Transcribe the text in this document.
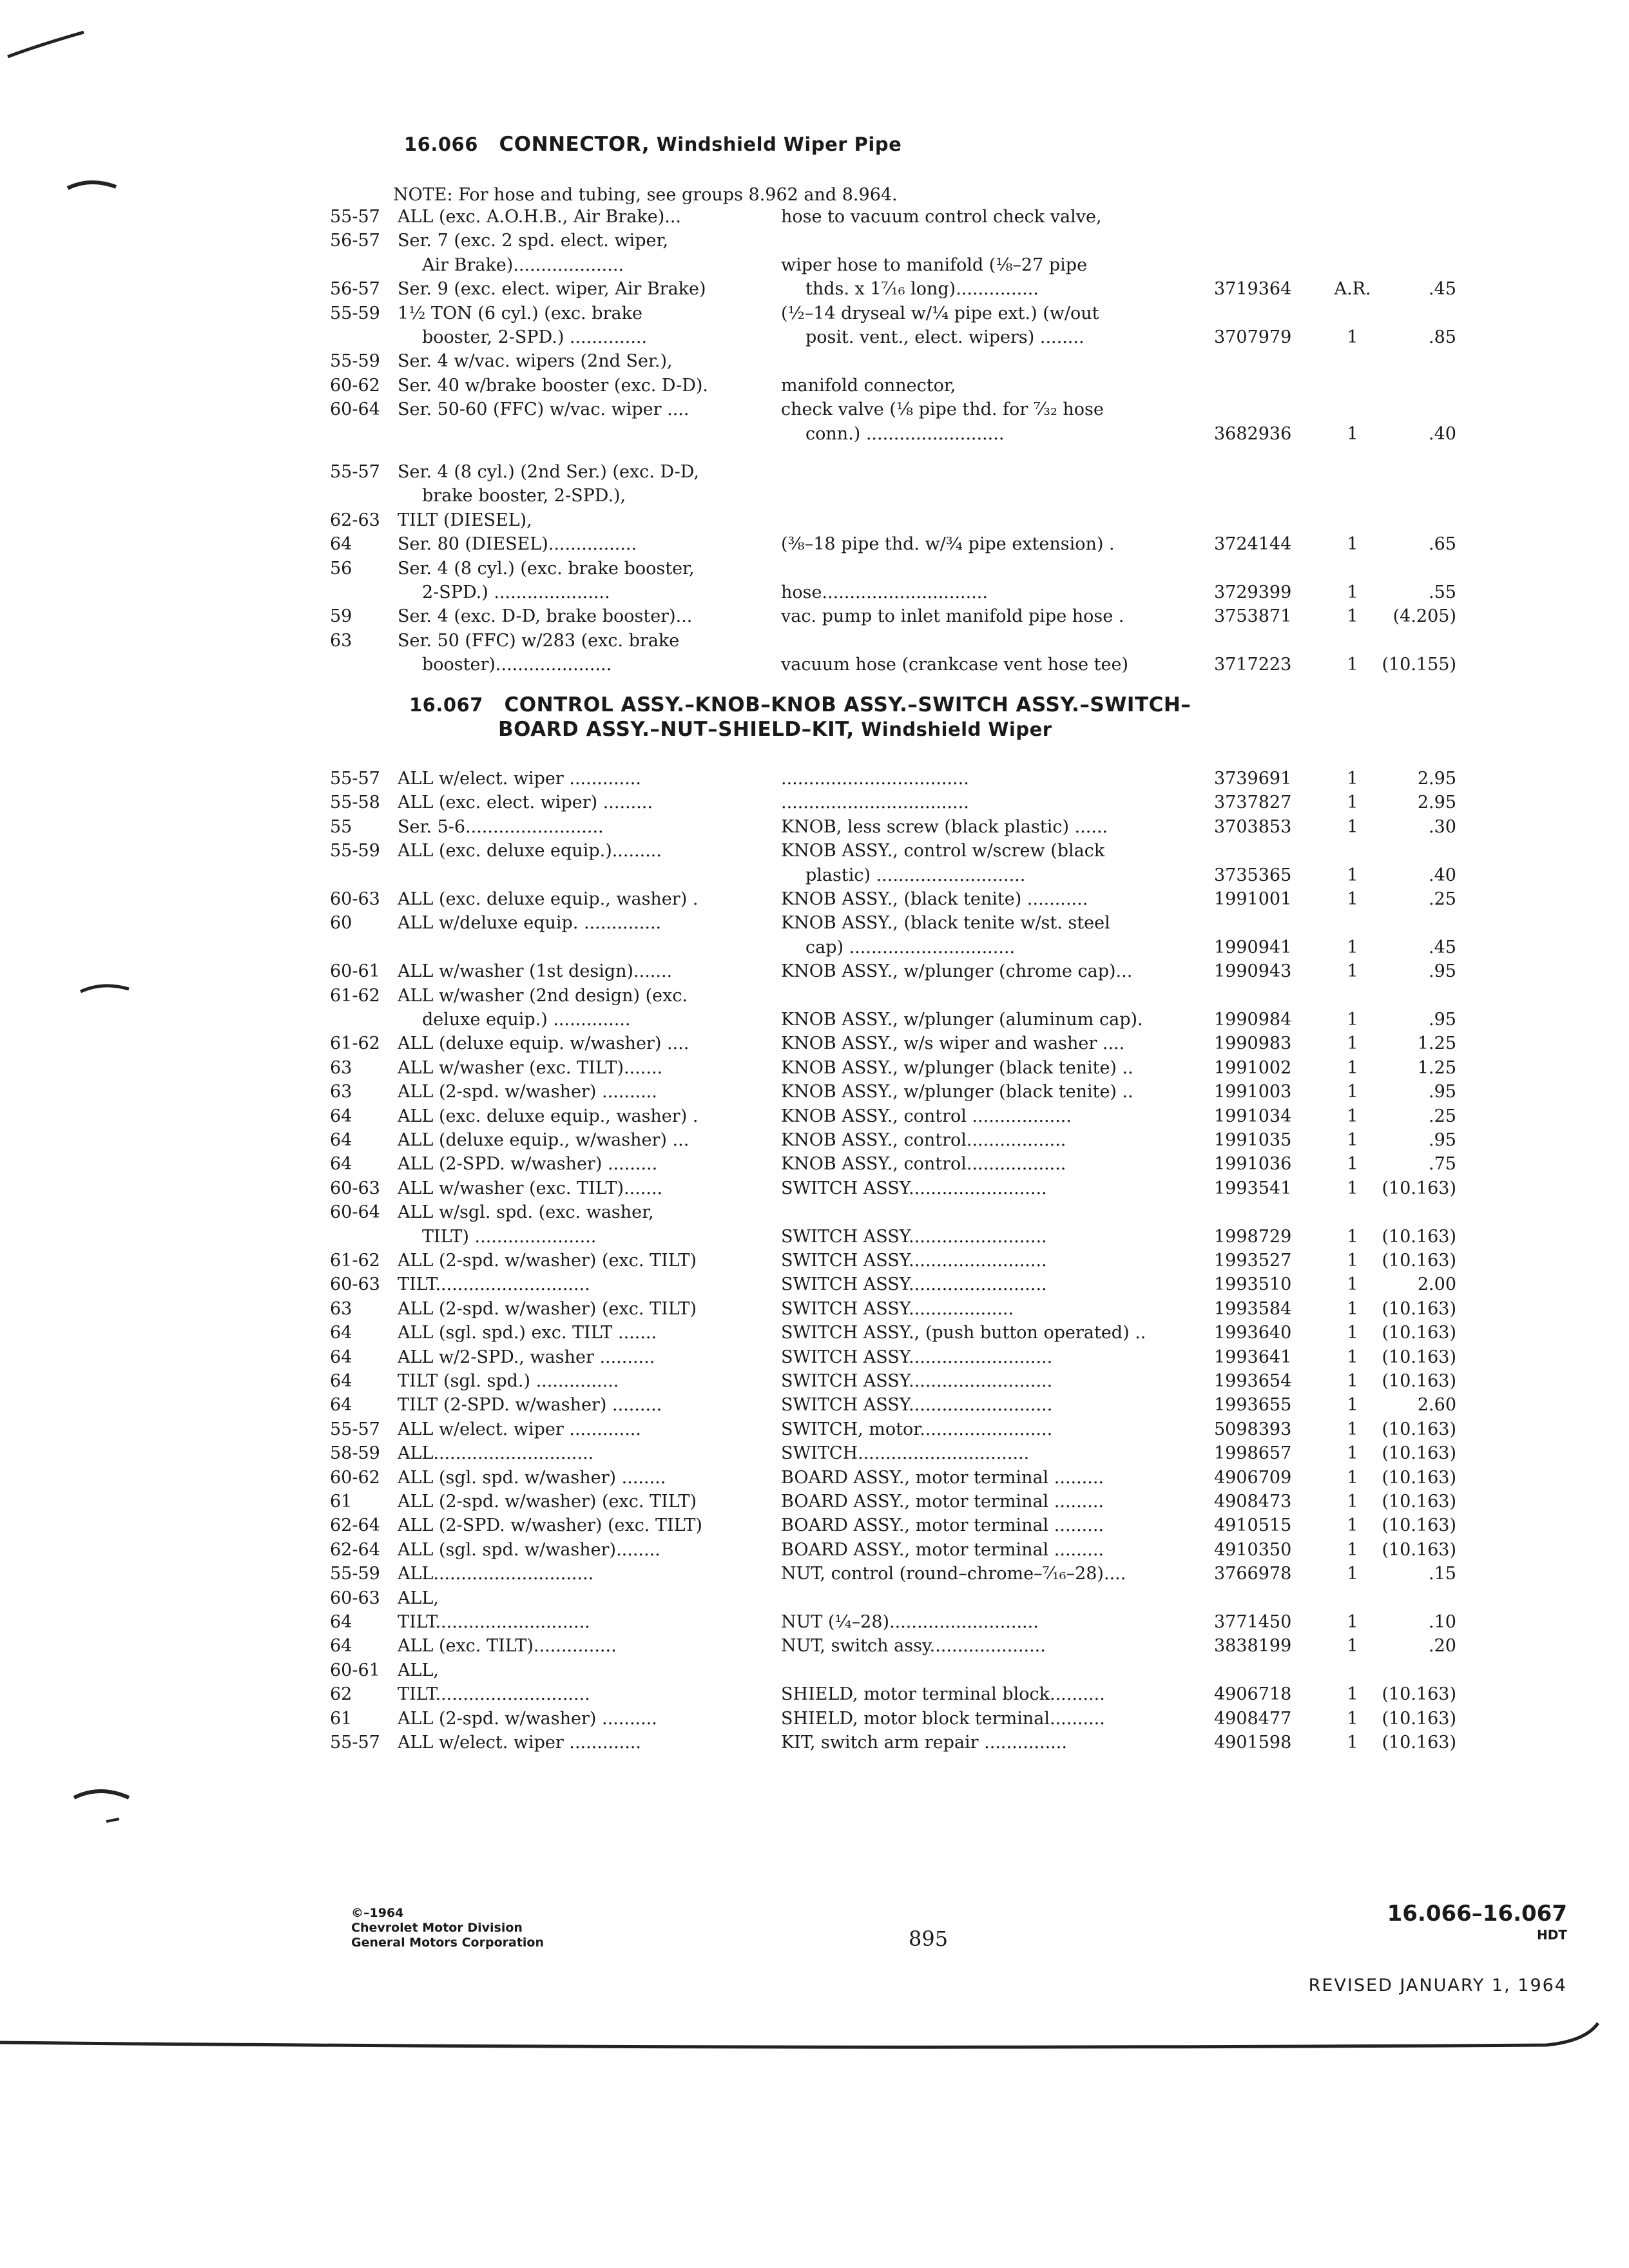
16.066 CONNECTOR, Windshield Wiper Pipe
NOTE: For hose and tubing, see groups 8.962 and 8.964.
55-57	ALL (exc. A.O.H.B., Air Brake)...	hose to vacuum control check valve,
56-57	Ser. 7 (exc. 2 spd. elect. wiper,
Air Brake)....................	wiper hose to manifold (⅛–27 pipe
56-57	Ser. 9 (exc. elect. wiper, Air Brake)	thds. x 1⁷⁄₁₆ long)...............	3719364	A.R.	.45
55-59	1½ TON (6 cyl.) (exc. brake	(½–14 dryseal w/¼ pipe ext.) (w/out
booster, 2-SPD.) ..............	posit. vent., elect. wipers) ........	3707979	1	.85
55-59	Ser. 4 w/vac. wipers (2nd Ser.),
60-62	Ser. 40 w/brake booster (exc. D-D).	manifold connector,
60-64	Ser. 50-60 (FFC) w/vac. wiper ....	check valve (⅛ pipe thd. for ⁷⁄₃₂ hose
conn.) .........................	3682936	1	.40
55-57	Ser. 4 (8 cyl.) (2nd Ser.) (exc. D-D,
brake booster, 2-SPD.),
62-63	TILT (DIESEL),
64	Ser. 80 (DIESEL)................	(⅜–18 pipe thd. w/¾ pipe extension) .	3724144	1	.65
56	Ser. 4 (8 cyl.) (exc. brake booster,
2-SPD.) .....................	hose..............................	3729399	1	.55
59	Ser. 4 (exc. D-D, brake booster)...	vac. pump to inlet manifold pipe hose .	3753871	1	(4.205)
63	Ser. 50 (FFC) w/283 (exc. brake
booster).....................	vacuum hose (crankcase vent hose tee)	3717223	1	(10.155)
16.067 CONTROL ASSY.–KNOB–KNOB ASSY.–SWITCH ASSY.–SWITCH–
BOARD ASSY.–NUT–SHIELD–KIT, Windshield Wiper
55-57	ALL w/elect. wiper .............	..................................	3739691	1	2.95
55-58	ALL (exc. elect. wiper) .........	..................................	3737827	1	2.95
55	Ser. 5-6.........................	KNOB, less screw (black plastic) ......	3703853	1	.30
55-59	ALL (exc. deluxe equip.).........	KNOB ASSY., control w/screw (black
plastic) ...........................	3735365	1	.40
60-63	ALL (exc. deluxe equip., washer) .	KNOB ASSY., (black tenite) ...........	1991001	1	.25
60	ALL w/deluxe equip. ..............	KNOB ASSY., (black tenite w/st. steel
cap) ..............................	1990941	1	.45
60-61	ALL w/washer (1st design).......	KNOB ASSY., w/plunger (chrome cap)...	1990943	1	.95
61-62	ALL w/washer (2nd design) (exc.
deluxe equip.) ..............	KNOB ASSY., w/plunger (aluminum cap).	1990984	1	.95
61-62	ALL (deluxe equip. w/washer) ....	KNOB ASSY., w/s wiper and washer ....	1990983	1	1.25
63	ALL w/washer (exc. TILT).......	KNOB ASSY., w/plunger (black tenite) ..	1991002	1	1.25
63	ALL (2-spd. w/washer) ..........	KNOB ASSY., w/plunger (black tenite) ..	1991003	1	.95
64	ALL (exc. deluxe equip., washer) .	KNOB ASSY., control ..................	1991034	1	.25
64	ALL (deluxe equip., w/washer) ...	KNOB ASSY., control..................	1991035	1	.95
64	ALL (2-SPD. w/washer) .........	KNOB ASSY., control..................	1991036	1	.75
60-63	ALL w/washer (exc. TILT).......	SWITCH ASSY.........................	1993541	1	(10.163)
60-64	ALL w/sgl. spd. (exc. washer,
TILT) ......................	SWITCH ASSY.........................	1998729	1	(10.163)
61-62	ALL (2-spd. w/washer) (exc. TILT)	SWITCH ASSY.........................	1993527	1	(10.163)
60-63	TILT............................	SWITCH ASSY.........................	1993510	1	2.00
63	ALL (2-spd. w/washer) (exc. TILT)	SWITCH ASSY...................	1993584	1	(10.163)
64	ALL (sgl. spd.) exc. TILT .......	SWITCH ASSY., (push button operated) ..	1993640	1	(10.163)
64	ALL w/2-SPD., washer ..........	SWITCH ASSY..........................	1993641	1	(10.163)
64	TILT (sgl. spd.) ...............	SWITCH ASSY..........................	1993654	1	(10.163)
64	TILT (2-SPD. w/washer) .........	SWITCH ASSY..........................	1993655	1	2.60
55-57	ALL w/elect. wiper .............	SWITCH, motor........................	5098393	1	(10.163)
58-59	ALL.............................	SWITCH...............................	1998657	1	(10.163)
60-62	ALL (sgl. spd. w/washer) ........	BOARD ASSY., motor terminal .........	4906709	1	(10.163)
61	ALL (2-spd. w/washer) (exc. TILT)	BOARD ASSY., motor terminal .........	4908473	1	(10.163)
62-64	ALL (2-SPD. w/washer) (exc. TILT)	BOARD ASSY., motor terminal .........	4910515	1	(10.163)
62-64	ALL (sgl. spd. w/washer)........	BOARD ASSY., motor terminal .........	4910350	1	(10.163)
55-59	ALL.............................	NUT, control (round–chrome–⁷⁄₁₆–28)....	3766978	1	.15
60-63	ALL,
64	TILT............................	NUT (¼–28)...........................	3771450	1	.10
64	ALL (exc. TILT)...............	NUT, switch assy.....................	3838199	1	.20
60-61	ALL,
62	TILT............................	SHIELD, motor terminal block..........	4906718	1	(10.163)
61	ALL (2-spd. w/washer) ..........	SHIELD, motor block terminal..........	4908477	1	(10.163)
55-57	ALL w/elect. wiper .............	KIT, switch arm repair ...............	4901598	1	(10.163)
©–1964
Chevrolet Motor Division
General Motors Corporation	895
16.066–16.067
HDT
REVISED JANUARY 1, 1964
